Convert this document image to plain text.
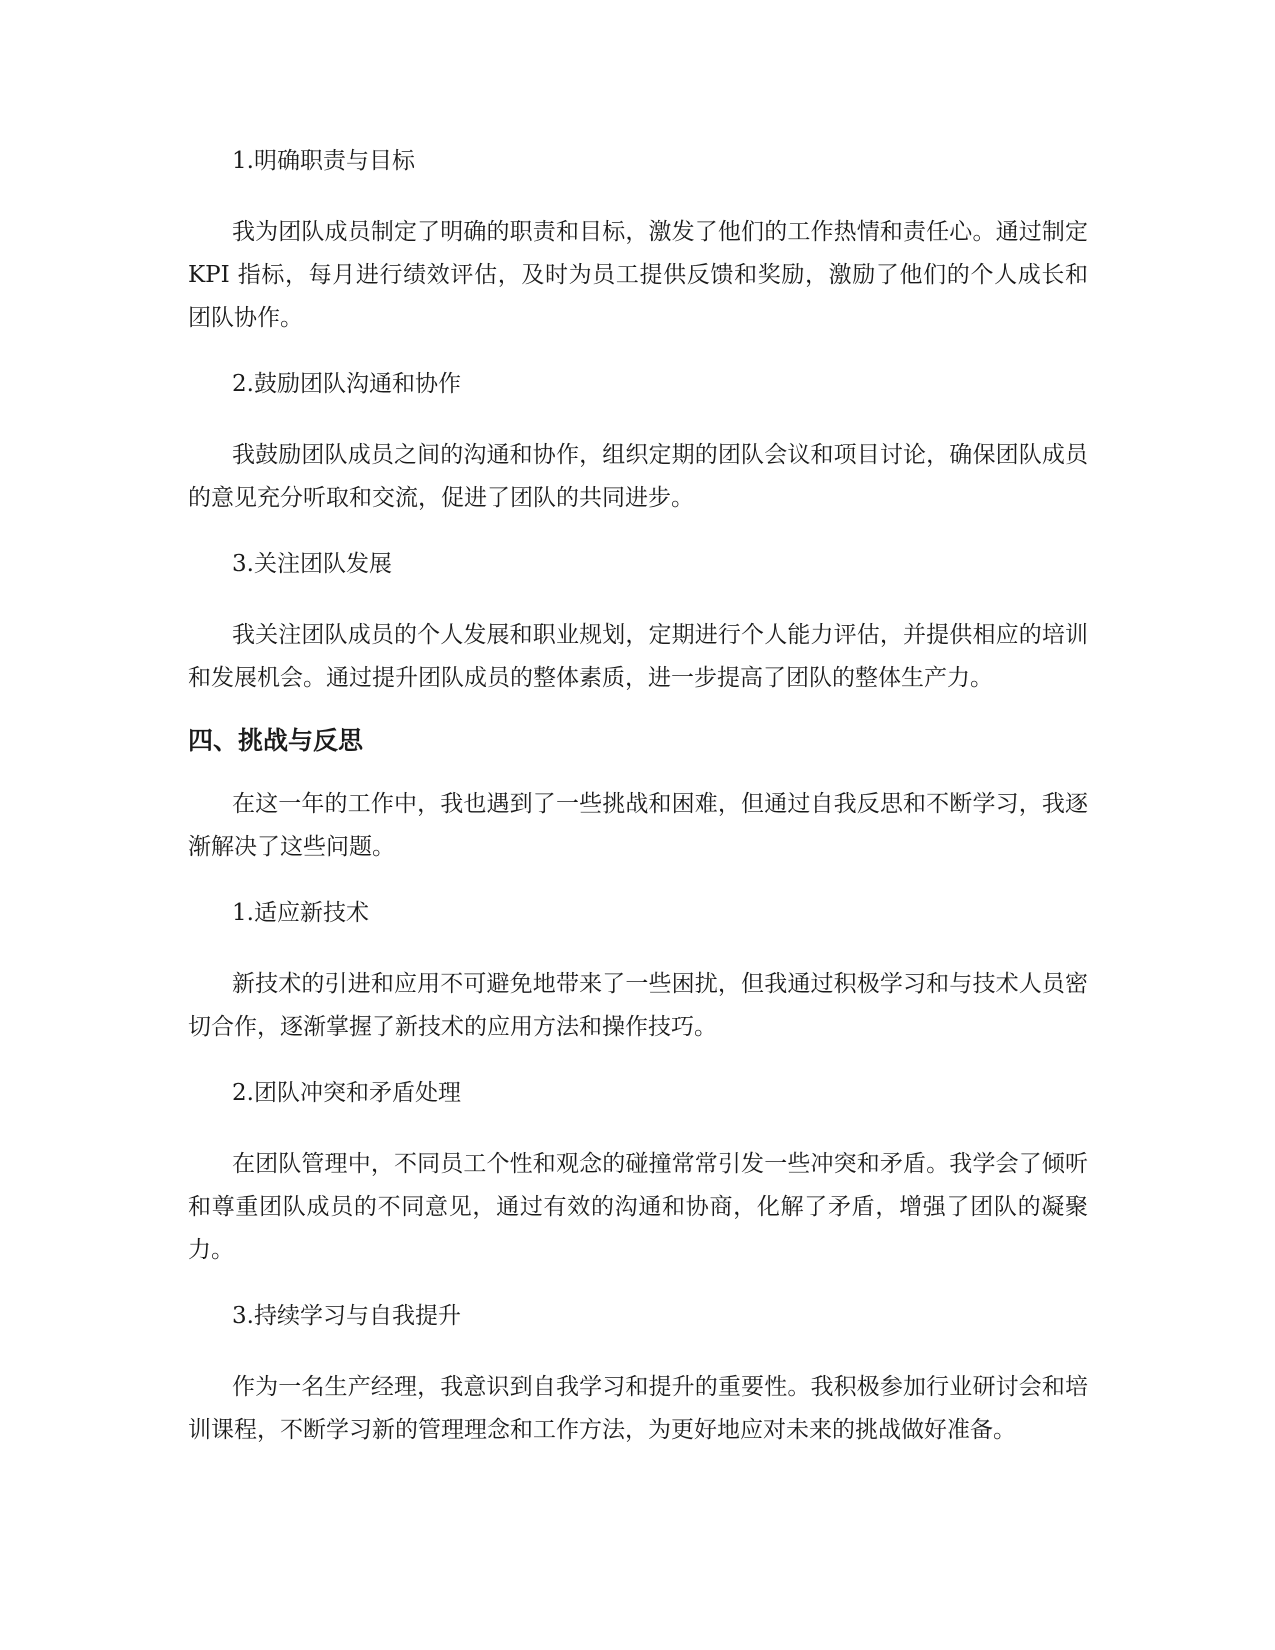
1.明确职责与目标

我为团队成员制定了明确的职责和目标，激发了他们的工作热情和责任心。通过制定 KPI 指标，每月进行绩效评估，及时为员工提供反馈和奖励，激励了他们的个人成长和团队协作。

2.鼓励团队沟通和协作

我鼓励团队成员之间的沟通和协作，组织定期的团队会议和项目讨论，确保团队成员的意见充分听取和交流，促进了团队的共同进步。

3.关注团队发展

我关注团队成员的个人发展和职业规划，定期进行个人能力评估，并提供相应的培训和发展机会。通过提升团队成员的整体素质，进一步提高了团队的整体生产力。

四、挑战与反思

在这一年的工作中，我也遇到了一些挑战和困难，但通过自我反思和不断学习，我逐渐解决了这些问题。

1.适应新技术

新技术的引进和应用不可避免地带来了一些困扰，但我通过积极学习和与技术人员密切合作，逐渐掌握了新技术的应用方法和操作技巧。

2.团队冲突和矛盾处理

在团队管理中，不同员工个性和观念的碰撞常常引发一些冲突和矛盾。我学会了倾听和尊重团队成员的不同意见，通过有效的沟通和协商，化解了矛盾，增强了团队的凝聚力。

3.持续学习与自我提升

作为一名生产经理，我意识到自我学习和提升的重要性。我积极参加行业研讨会和培训课程，不断学习新的管理理念和工作方法，为更好地应对未来的挑战做好准备。
